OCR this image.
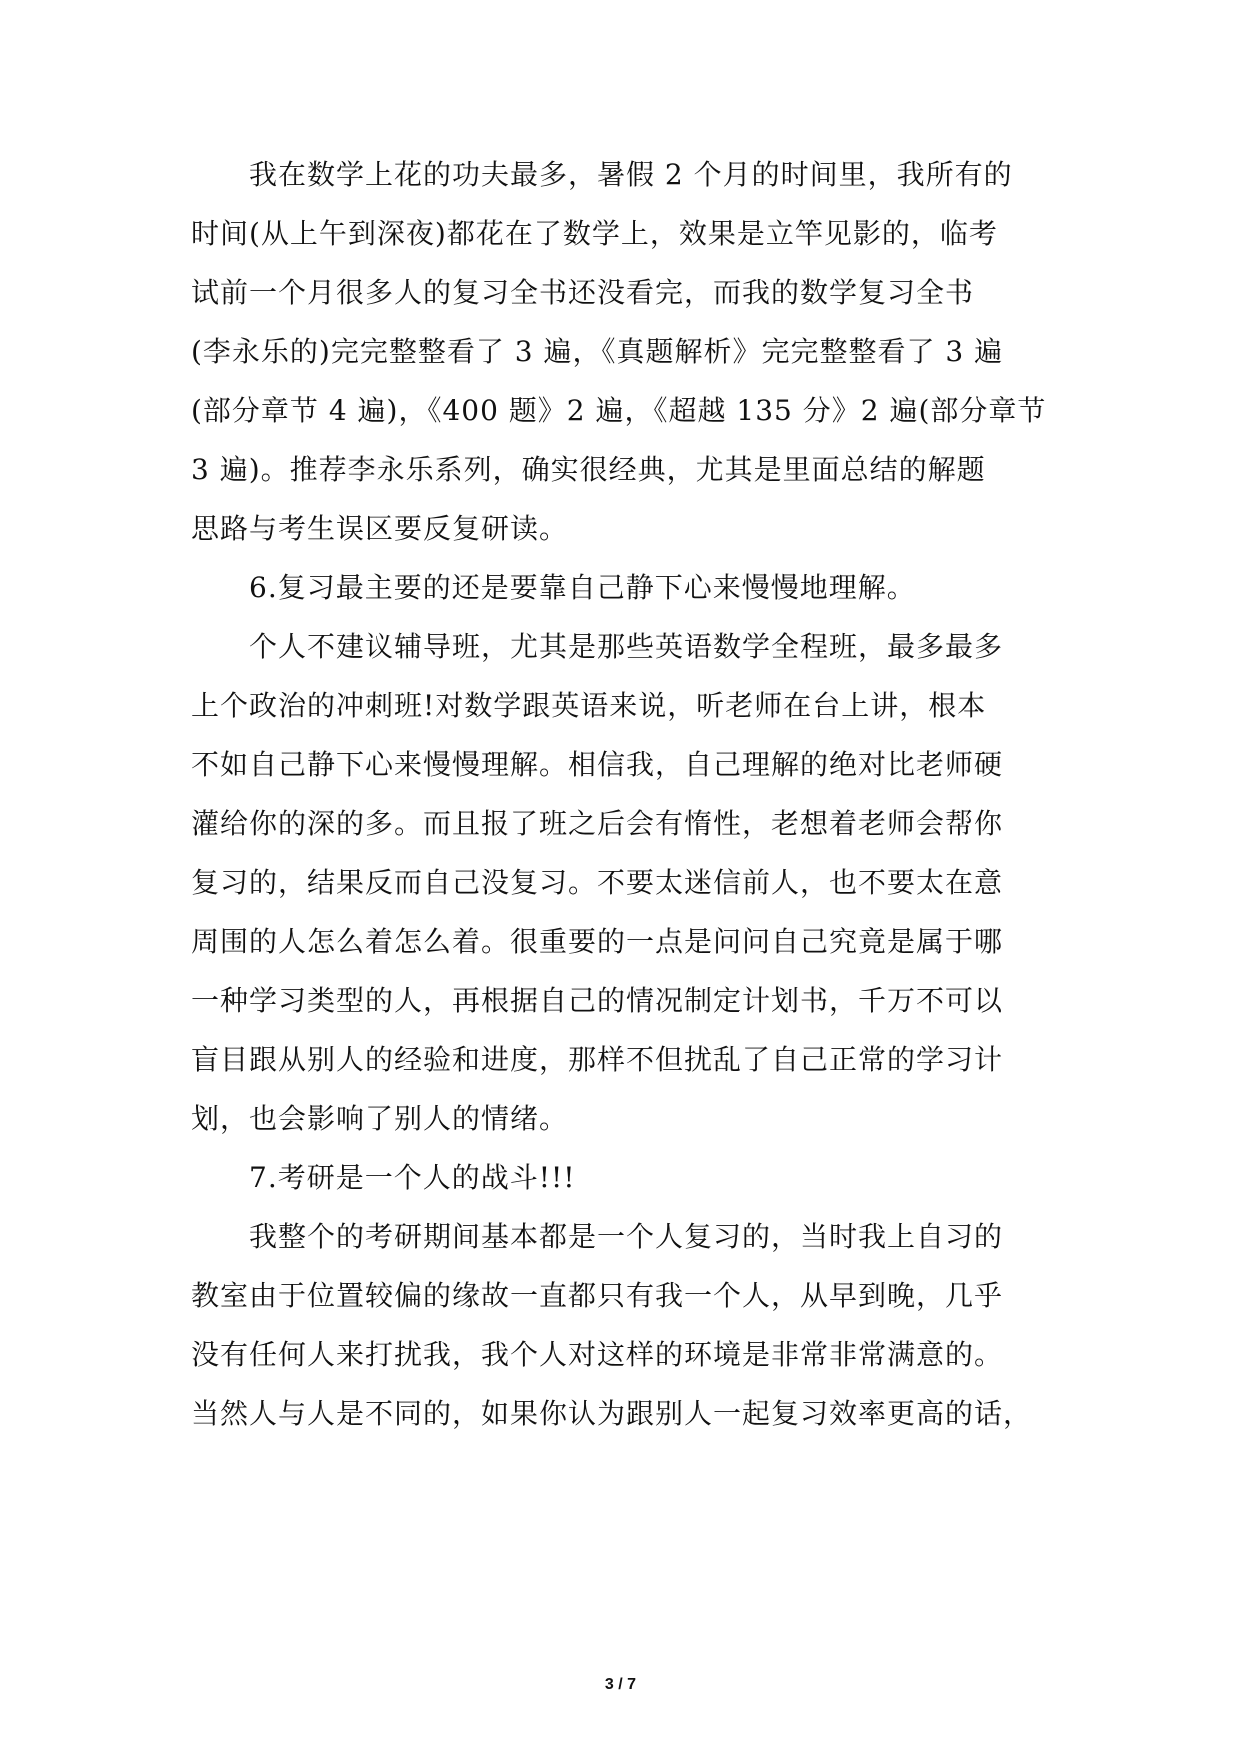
我在数学上花的功夫最多，暑假 2 个月的时间里，我所有的
时间(从上午到深夜)都花在了数学上，效果是立竿见影的，临考
试前一个月很多人的复习全书还没看完，而我的数学复习全书
(李永乐的)完完整整看了 3 遍，《真题解析》完完整整看了 3 遍
(部分章节 4 遍)，《400 题》2 遍，《超越 135 分》2 遍(部分章节
3 遍)。推荐李永乐系列，确实很经典，尤其是里面总结的解题
思路与考生误区要反复研读。
6.复习最主要的还是要靠自己静下心来慢慢地理解。
个人不建议辅导班，尤其是那些英语数学全程班，最多最多
上个政治的冲刺班!对数学跟英语来说，听老师在台上讲，根本
不如自己静下心来慢慢理解。相信我，自己理解的绝对比老师硬
灌给你的深的多。而且报了班之后会有惰性，老想着老师会帮你
复习的，结果反而自己没复习。不要太迷信前人，也不要太在意
周围的人怎么着怎么着。很重要的一点是问问自己究竟是属于哪
一种学习类型的人，再根据自己的情况制定计划书，千万不可以
盲目跟从别人的经验和进度，那样不但扰乱了自己正常的学习计
划，也会影响了别人的情绪。
7.考研是一个人的战斗!!!
我整个的考研期间基本都是一个人复习的，当时我上自习的
教室由于位置较偏的缘故一直都只有我一个人，从早到晚，几乎
没有任何人来打扰我，我个人对这样的环境是非常非常满意的。
当然人与人是不同的，如果你认为跟别人一起复习效率更高的话，
3 / 7
